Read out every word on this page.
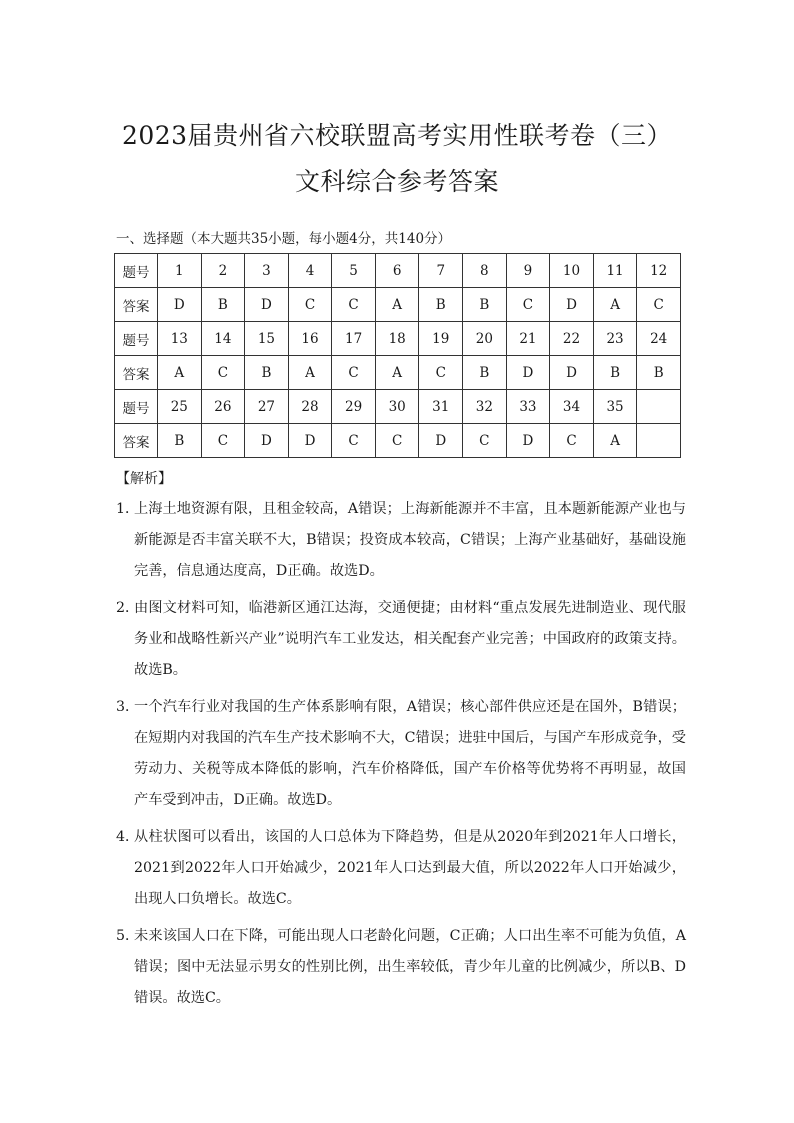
2023届贵州省六校联盟高考实用性联考卷（三）
文科综合参考答案
一、选择题（本大题共35小题，每小题4分，共140分）
题号	1	2	3	4	5	6	7	8	9	10	11	12
答案	D	B	D	C	C	A	B	B	C	D	A	C
题号	13	14	15	16	17	18	19	20	21	22	23	24
答案	A	C	B	A	C	A	C	B	D	D	B	B
题号	25	26	27	28	29	30	31	32	33	34	35	
答案	B	C	D	D	C	C	D	C	D	C	A	
【解析】
1．
上海土地资源有限，且租金较高，A错误；上海新能源并不丰富，且本题新能源产业也与新能源是否丰富关联不大，B错误；投资成本较高，C错误；上海产业基础好，基础设施完善，信息通达度高，D正确。故选D。
2．
由图文材料可知，临港新区通江达海，交通便捷；由材料“重点发展先进制造业、现代服务业和战略性新兴产业”说明汽车工业发达，相关配套产业完善；中国政府的政策支持。故选B。
3．
一个汽车行业对我国的生产体系影响有限，A错误；核心部件供应还是在国外，B错误；在短期内对我国的汽车生产技术影响不大，C错误；进驻中国后，与国产车形成竞争，受劳动力、关税等成本降低的影响，汽车价格降低，国产车价格等优势将不再明显，故国产车受到冲击，D正确。故选D。
4．
从柱状图可以看出，该国的人口总体为下降趋势，但是从2020年到2021年人口增长，2021到2022年人口开始减少，2021年人口达到最大值，所以2022年人口开始减少，出现人口负增长。故选C。
5．
未来该国人口在下降，可能出现人口老龄化问题，C正确；人口出生率不可能为负值，A错误；图中无法显示男女的性别比例，出生率较低，青少年儿童的比例减少，所以B、D错误。故选C。
